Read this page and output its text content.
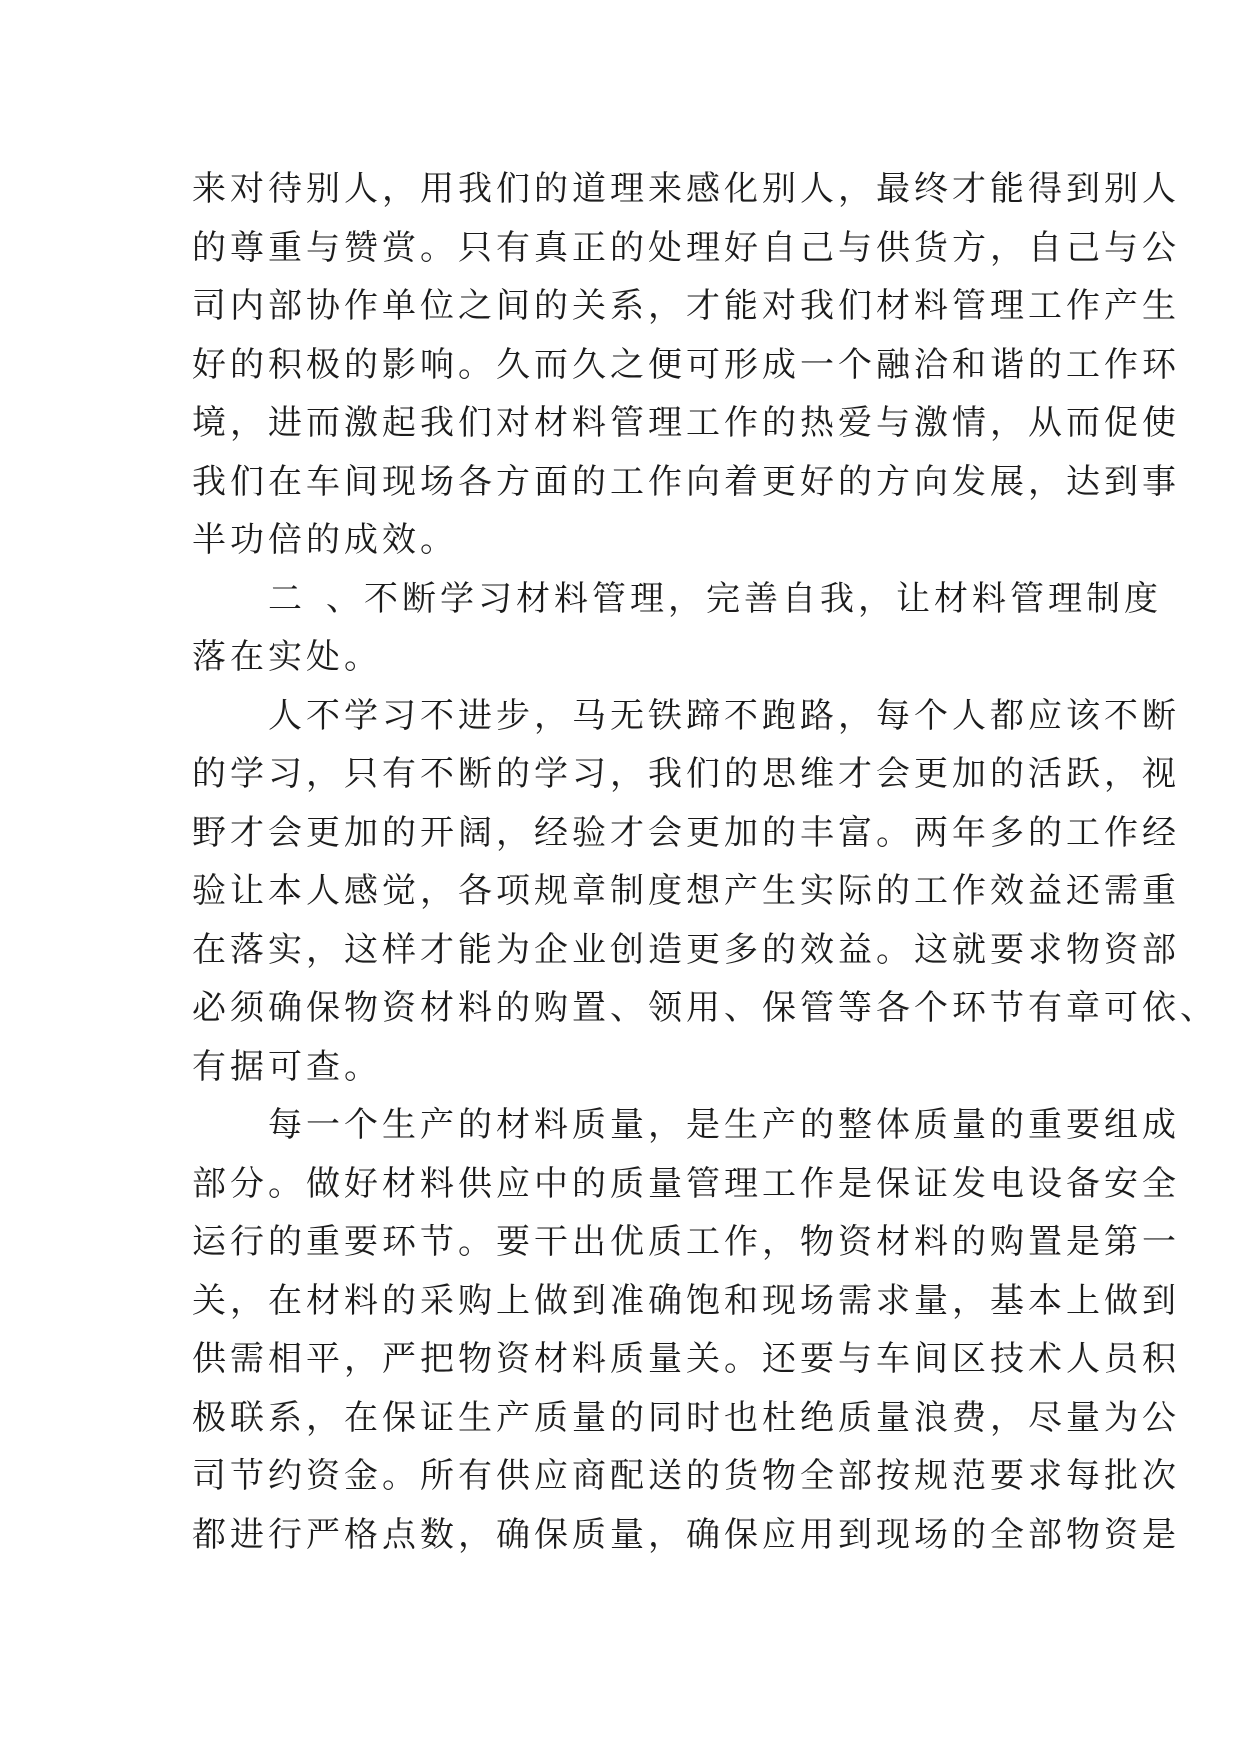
来对待别人，用我们的道理来感化别人，最终才能得到别人
的尊重与赞赏。只有真正的处理好自己与供货方，自己与公
司内部协作单位之间的关系，才能对我们材料管理工作产生
好的积极的影响。久而久之便可形成一个融洽和谐的工作环
境，进而激起我们对材料管理工作的热爱与激情，从而促使
我们在车间现场各方面的工作向着更好的方向发展，达到事
半功倍的成效。
二、不断学习材料管理，完善自我，让材料管理制度
落在实处。
人不学习不进步，马无铁蹄不跑路，每个人都应该不断
的学习，只有不断的学习，我们的思维才会更加的活跃，视
野才会更加的开阔，经验才会更加的丰富。两年多的工作经
验让本人感觉，各项规章制度想产生实际的工作效益还需重
在落实，这样才能为企业创造更多的效益。这就要求物资部
必须确保物资材料的购置、领用、保管等各个环节有章可依、
有据可查。
每一个生产的材料质量，是生产的整体质量的重要组成
部分。做好材料供应中的质量管理工作是保证发电设备安全
运行的重要环节。要干出优质工作，物资材料的购置是第一
关，在材料的采购上做到准确饱和现场需求量，基本上做到
供需相平，严把物资材料质量关。还要与车间区技术人员积
极联系，在保证生产质量的同时也杜绝质量浪费，尽量为公
司节约资金。所有供应商配送的货物全部按规范要求每批次
都进行严格点数，确保质量，确保应用到现场的全部物资是
